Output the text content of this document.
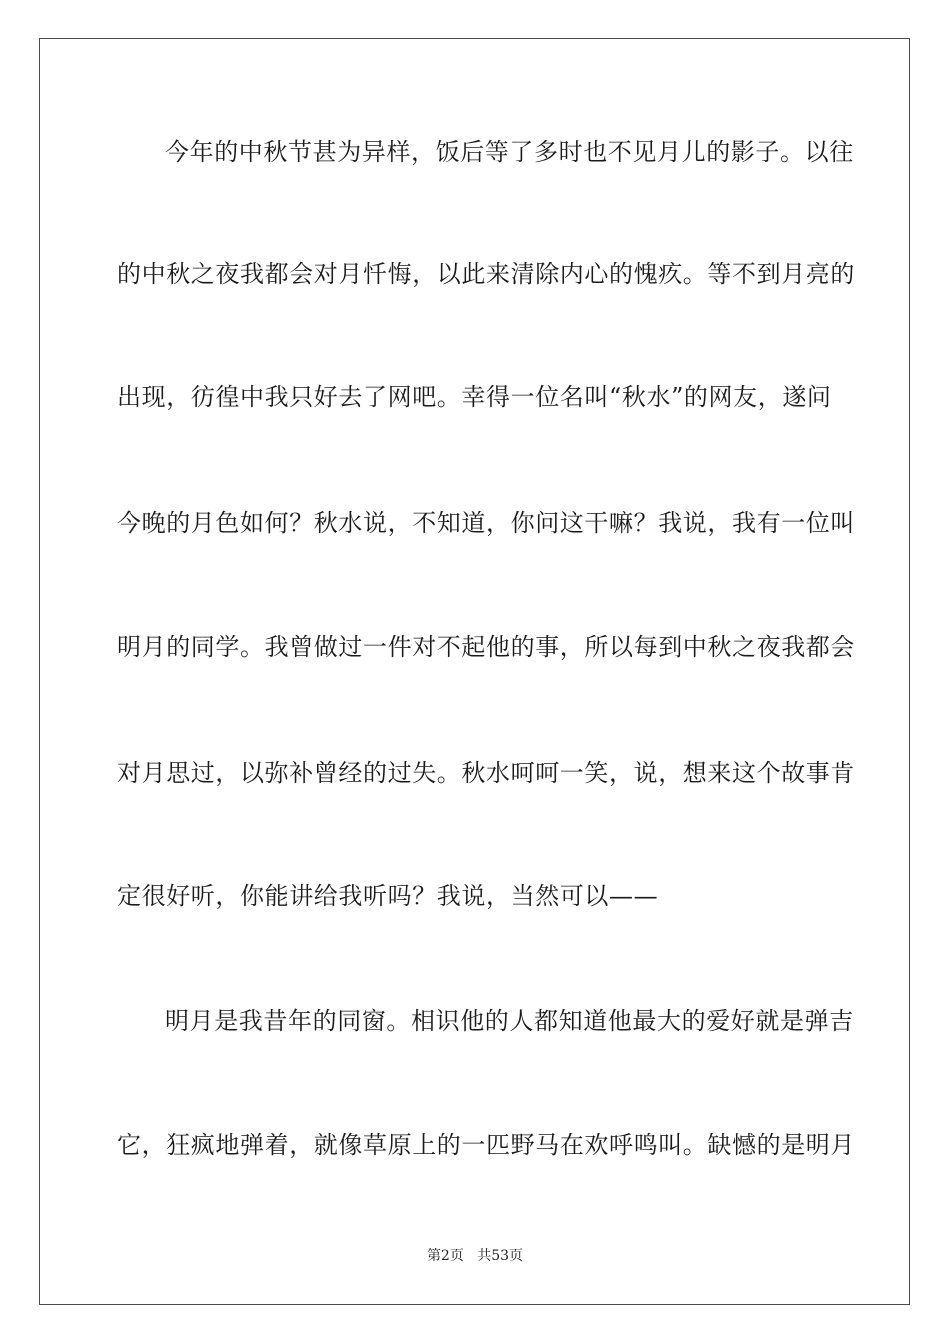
今年的中秋节甚为异样，饭后等了多时也不见月儿的影子。以往
的中秋之夜我都会对月忏悔，以此来清除内心的愧疚。等不到月亮的
出现，彷徨中我只好去了网吧。幸得一位名叫“秋水”的网友，遂问
今晚的月色如何？秋水说，不知道，你问这干嘛？我说，我有一位叫
明月的同学。我曾做过一件对不起他的事，所以每到中秋之夜我都会
对月思过，以弥补曾经的过失。秋水呵呵一笑，说，想来这个故事肯
定很好听，你能讲给我听吗？我说，当然可以——
明月是我昔年的同窗。相识他的人都知道他最大的爱好就是弹吉
它，狂疯地弹着，就像草原上的一匹野马在欢呼鸣叫。缺憾的是明月
第2页 共53页
